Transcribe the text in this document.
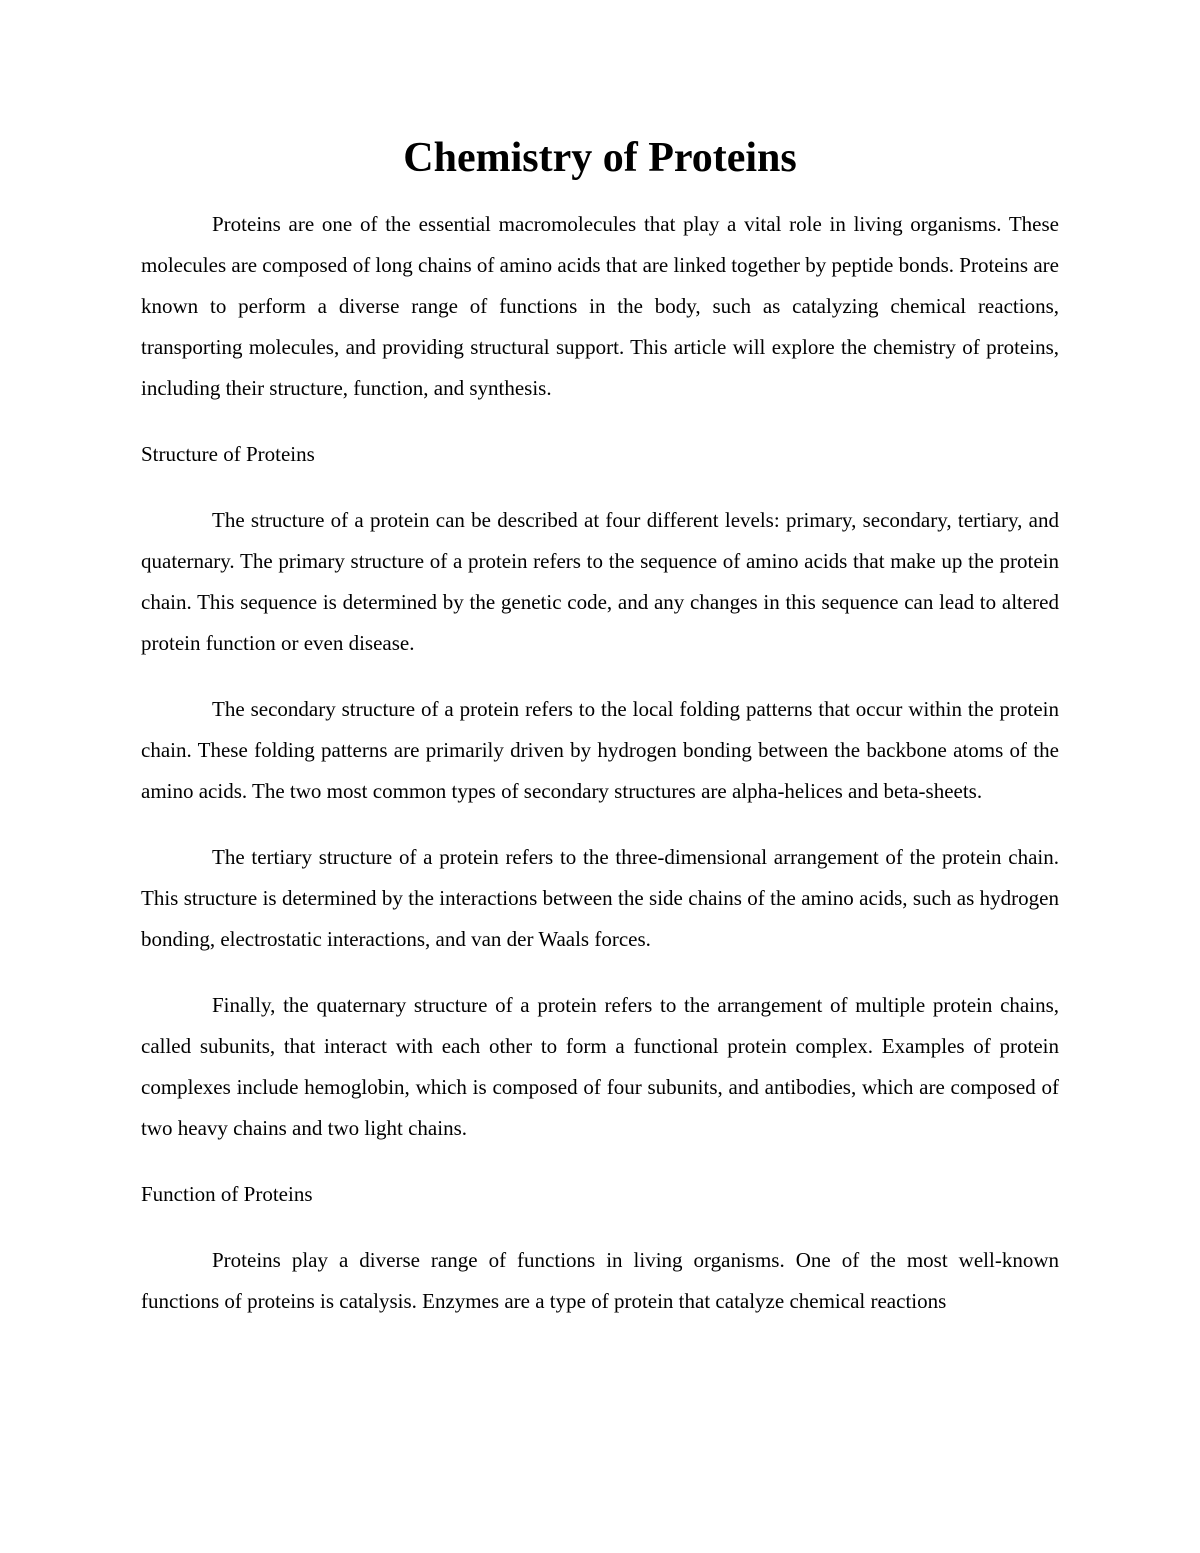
Chemistry of Proteins

Proteins are one of the essential macromolecules that play a vital role in living organisms. These molecules are composed of long chains of amino acids that are linked together by peptide bonds. Proteins are known to perform a diverse range of functions in the body, such as catalyzing chemical reactions, transporting molecules, and providing structural support. This article will explore the chemistry of proteins, including their structure, function, and synthesis.

Structure of Proteins

The structure of a protein can be described at four different levels: primary, secondary, tertiary, and quaternary. The primary structure of a protein refers to the sequence of amino acids that make up the protein chain. This sequence is determined by the genetic code, and any changes in this sequence can lead to altered protein function or even disease.

The secondary structure of a protein refers to the local folding patterns that occur within the protein chain. These folding patterns are primarily driven by hydrogen bonding between the backbone atoms of the amino acids. The two most common types of secondary structures are alpha-helices and beta-sheets.

The tertiary structure of a protein refers to the three-dimensional arrangement of the protein chain. This structure is determined by the interactions between the side chains of the amino acids, such as hydrogen bonding, electrostatic interactions, and van der Waals forces.

Finally, the quaternary structure of a protein refers to the arrangement of multiple protein chains, called subunits, that interact with each other to form a functional protein complex. Examples of protein complexes include hemoglobin, which is composed of four subunits, and antibodies, which are composed of two heavy chains and two light chains.

Function of Proteins

Proteins play a diverse range of functions in living organisms. One of the most well-known functions of proteins is catalysis. Enzymes are a type of protein that catalyze chemical reactions
